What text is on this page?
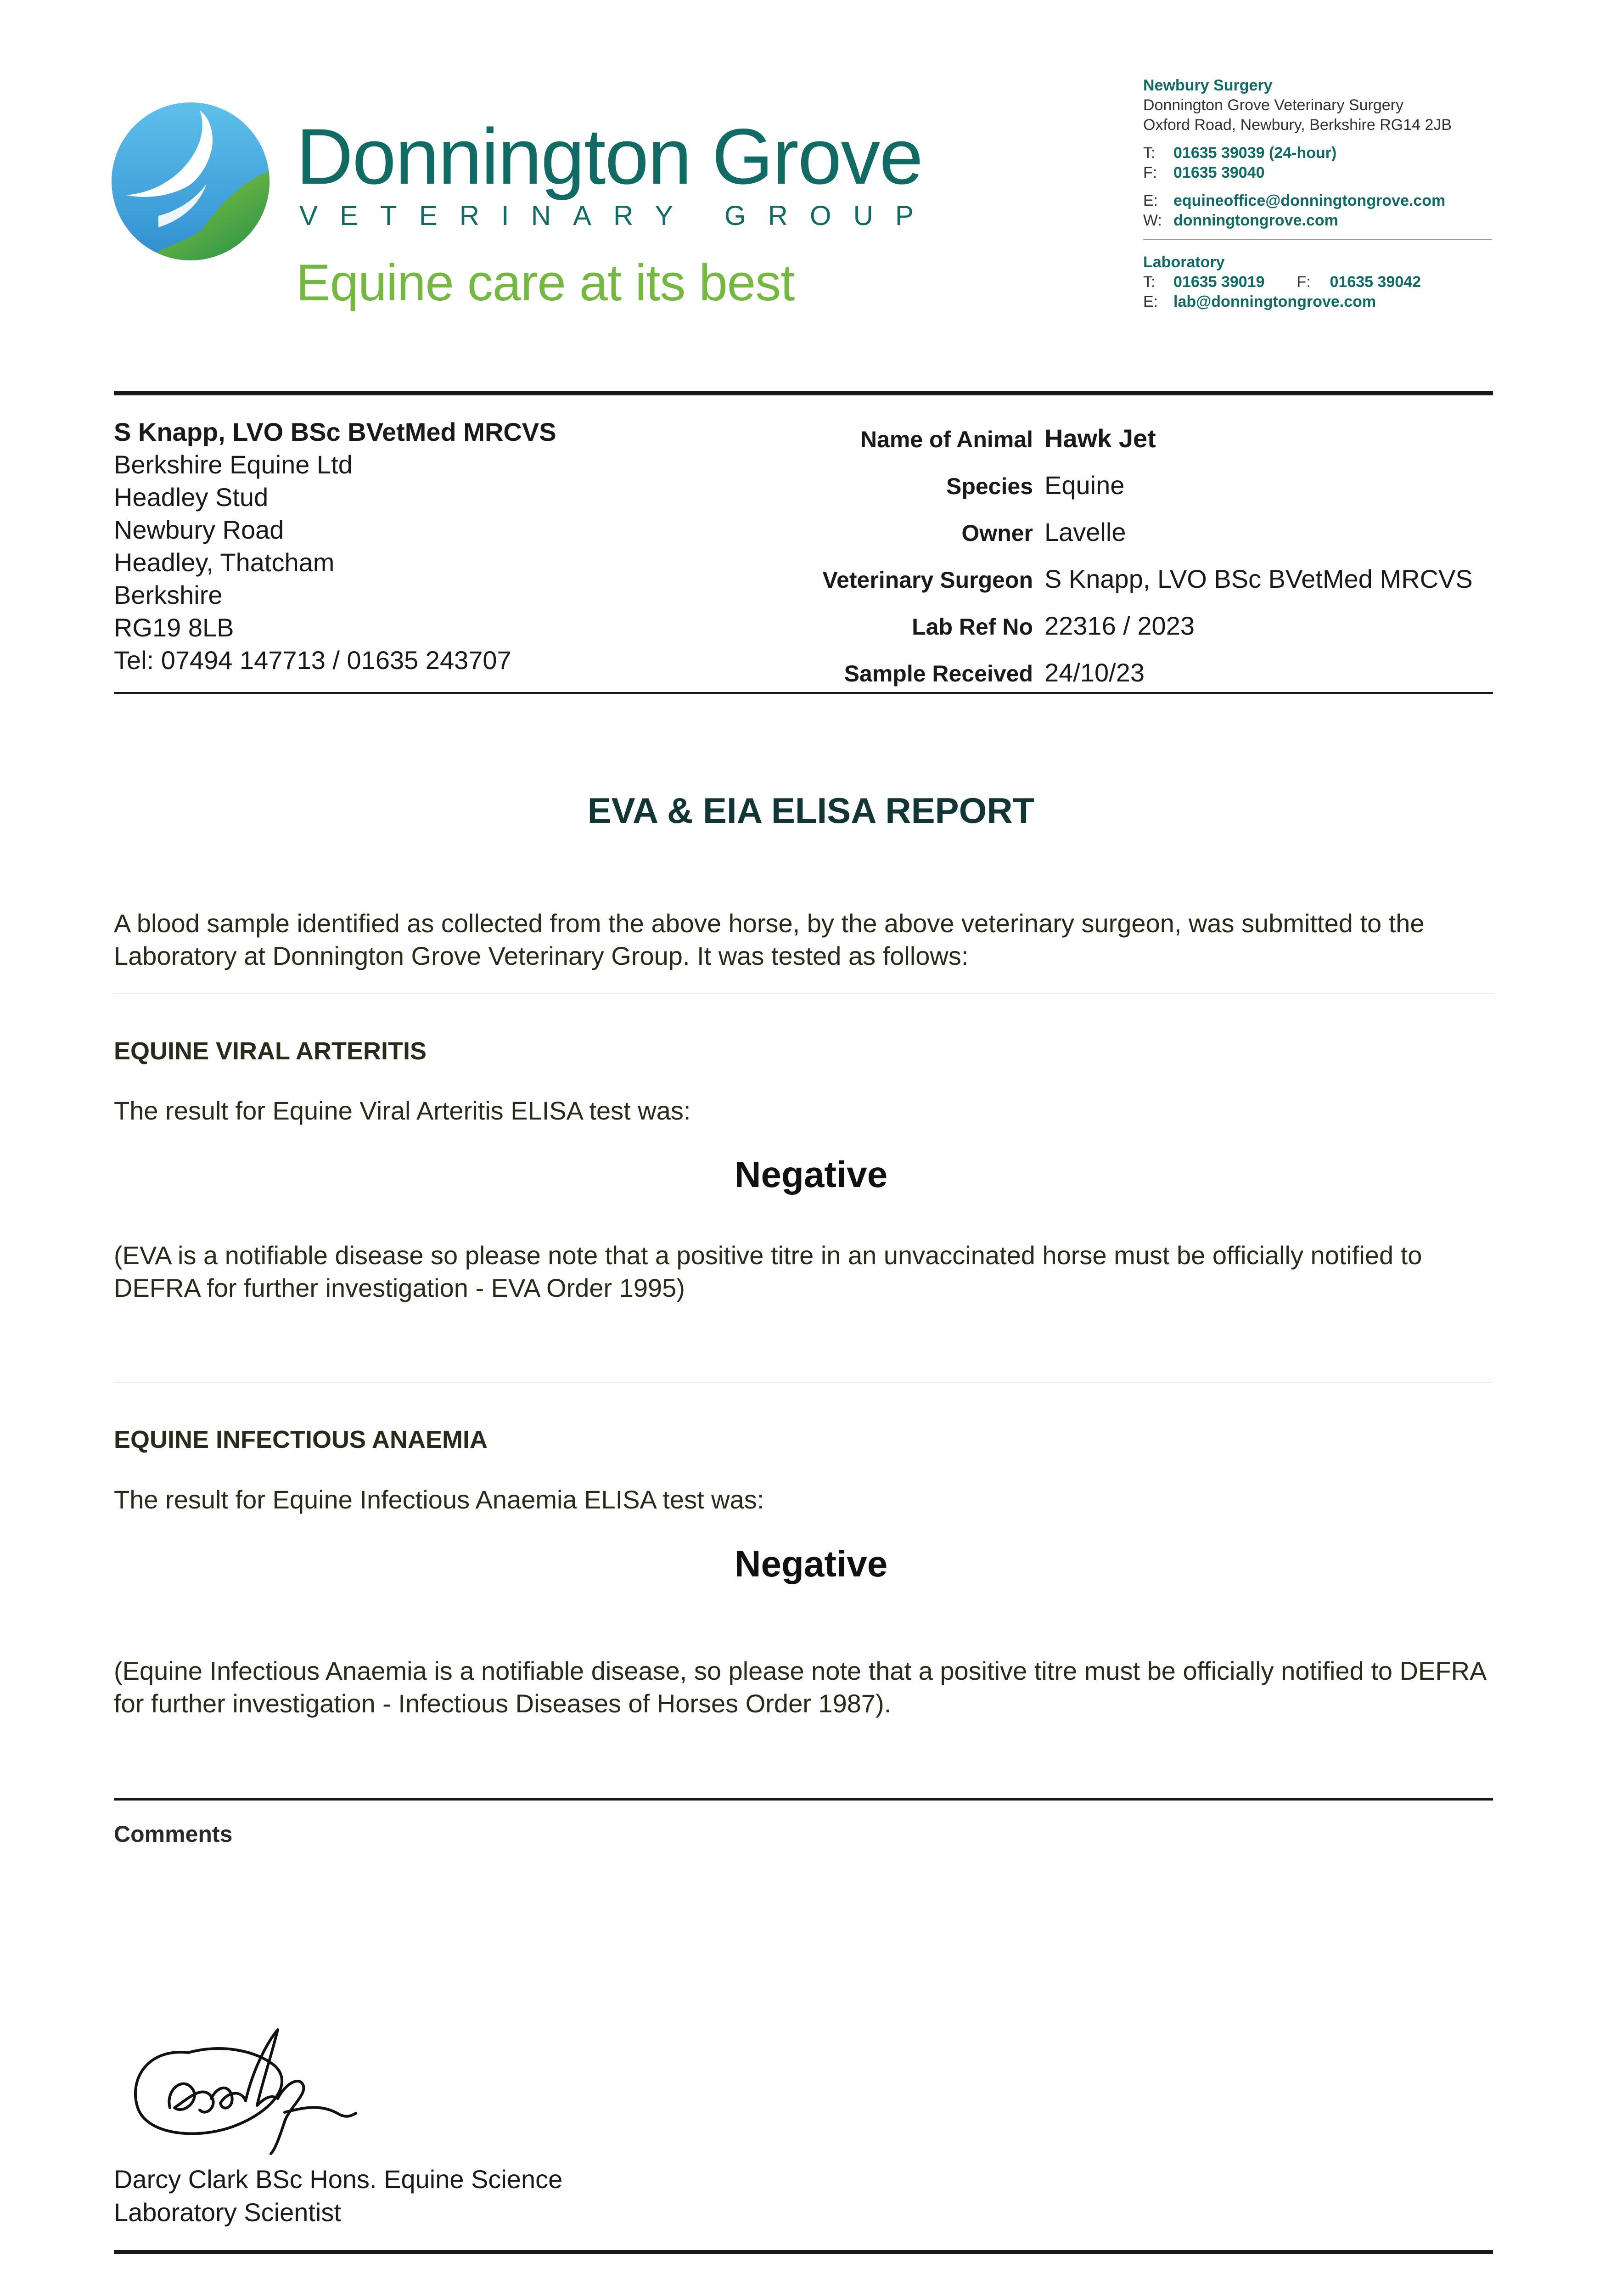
Donnington Grove
VETERINARY GROUP
Equine care at its best
Newbury Surgery
Donnington Grove Veterinary Surgery
Oxford Road, Newbury, Berkshire RG14 2JB
T:	01635 39039 (24-hour)
F:	01635 39040
E: equineoffice@donningtongrove.com
W: donningtongrove.com
Laboratory
T:	01635 39019 F:	01635 39042
E: lab@donningtongrove.com
S Knapp, LVO BSc BVetMed MRCVS
Berkshire Equine Ltd
Headley Stud
Newbury Road
Headley, Thatcham
Berkshire
RG19 8LB
Tel: 07494 147713 / 01635 243707
Name of Animal Hawk Jet
Species Equine
Owner Lavelle
Veterinary Surgeon S Knapp, LVO BSc BVetMed MRCVS
Lab Ref No 22316 / 2023
Sample Received 24/10/23
EVA & EIA ELISA REPORT
A blood sample identified as collected from the above horse, by the above veterinary surgeon, was submitted to the Laboratory at Donnington Grove Veterinary Group. It was tested as follows:
EQUINE VIRAL ARTERITIS
The result for Equine Viral Arteritis ELISA test was:
Negative
(EVA is a notifiable disease so please note that a positive titre in an unvaccinated horse must be officially notified to DEFRA for further investigation - EVA Order 1995)
EQUINE INFECTIOUS ANAEMIA
The result for Equine Infectious Anaemia ELISA test was:
Negative
(Equine Infectious Anaemia is a notifiable disease, so please note that a positive titre must be officially notified to DEFRA for further investigation - Infectious Diseases of Horses Order 1987).
Comments
Darcy Clark BSc Hons. Equine Science
Laboratory Scientist
